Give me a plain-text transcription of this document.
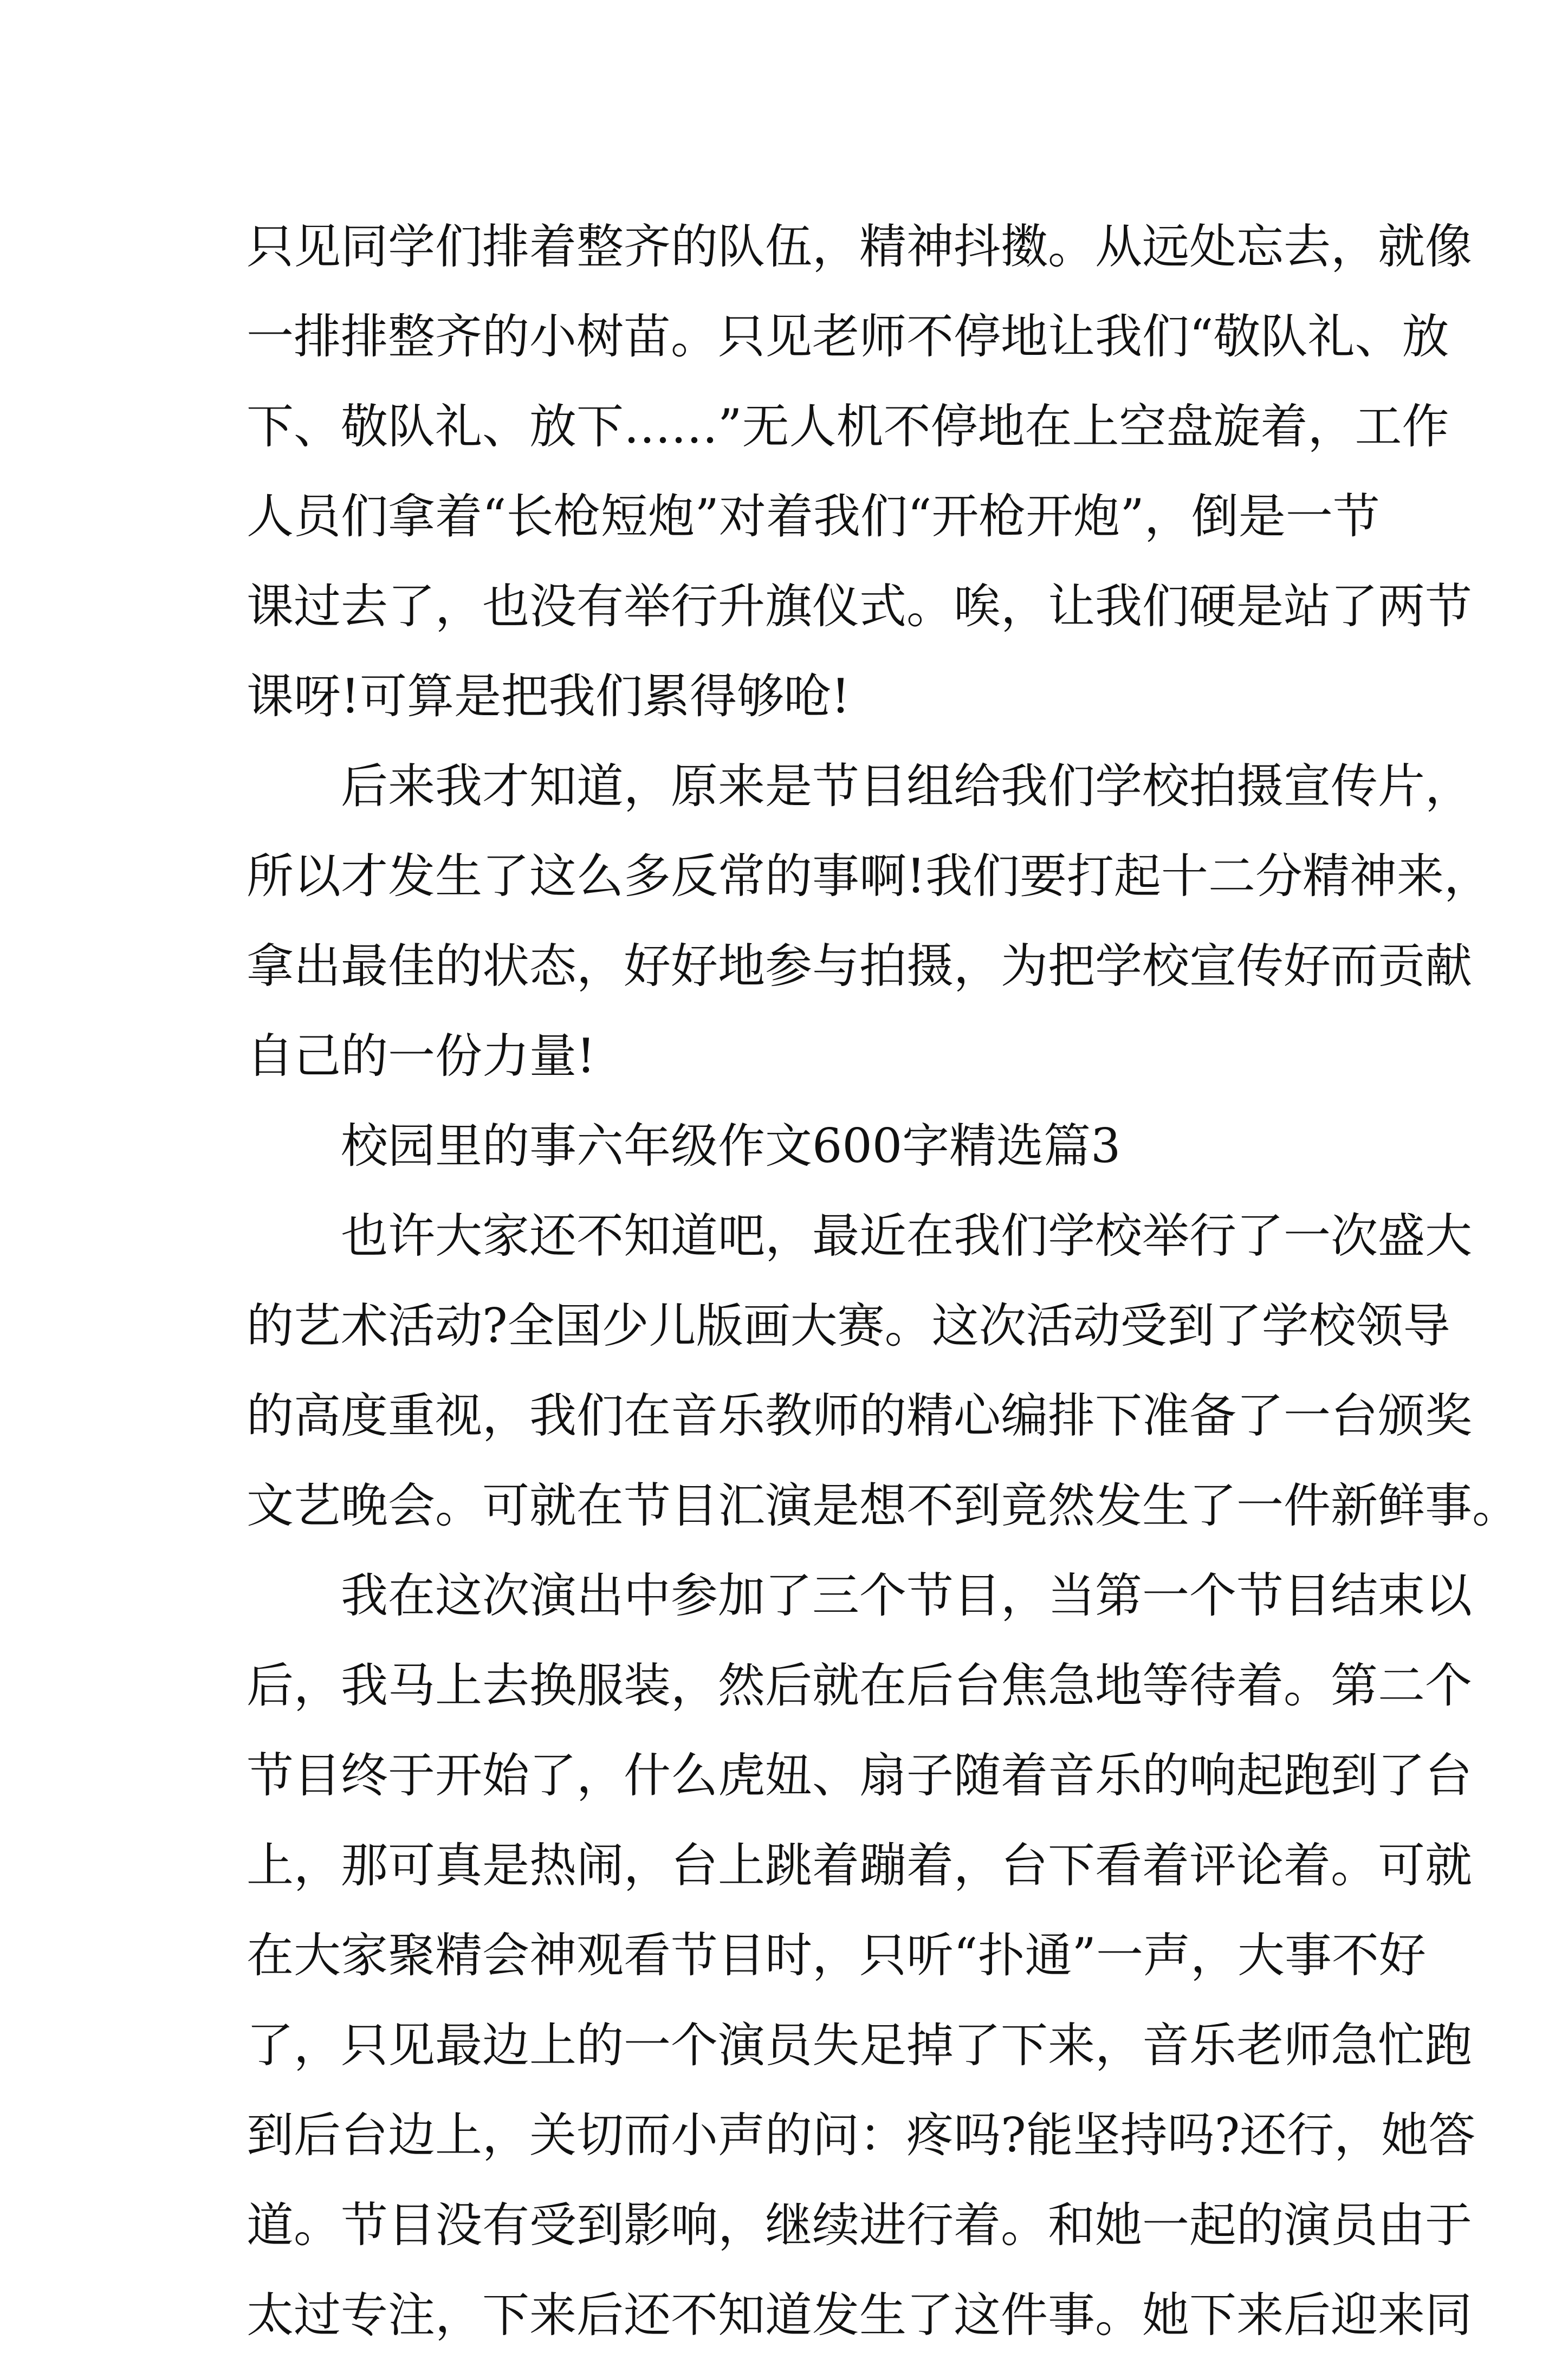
只见同学们排着整齐的队伍，精神抖擞。从远处忘去，就像
一排排整齐的小树苗。只见老师不停地让我们“敬队礼、放
下、敬队礼、放下……”无人机不停地在上空盘旋着，工作
人员们拿着“长枪短炮”对着我们“开枪开炮”，倒是一节
课过去了，也没有举行升旗仪式。唉，让我们硬是站了两节
课呀!可算是把我们累得够呛!
　　后来我才知道，原来是节目组给我们学校拍摄宣传片，
所以才发生了这么多反常的事啊!我们要打起十二分精神来，
拿出最佳的状态，好好地参与拍摄，为把学校宣传好而贡献
自己的一份力量!
　　校园里的事六年级作文600字精选篇3
　　也许大家还不知道吧，最近在我们学校举行了一次盛大
的艺术活动?全国少儿版画大赛。这次活动受到了学校领导
的高度重视，我们在音乐教师的精心编排下准备了一台颁奖
文艺晚会。可就在节目汇演是想不到竟然发生了一件新鲜事。
　　我在这次演出中参加了三个节目，当第一个节目结束以
后，我马上去换服装，然后就在后台焦急地等待着。第二个
节目终于开始了，什么虎妞、扇子随着音乐的响起跑到了台
上，那可真是热闹，台上跳着蹦着，台下看着评论着。可就
在大家聚精会神观看节目时，只听“扑通”一声，大事不好
了，只见最边上的一个演员失足掉了下来，音乐老师急忙跑
到后台边上，关切而小声的问：疼吗?能坚持吗?还行，她答
道。节目没有受到影响，继续进行着。和她一起的演员由于
太过专注，下来后还不知道发生了这件事。她下来后迎来同
